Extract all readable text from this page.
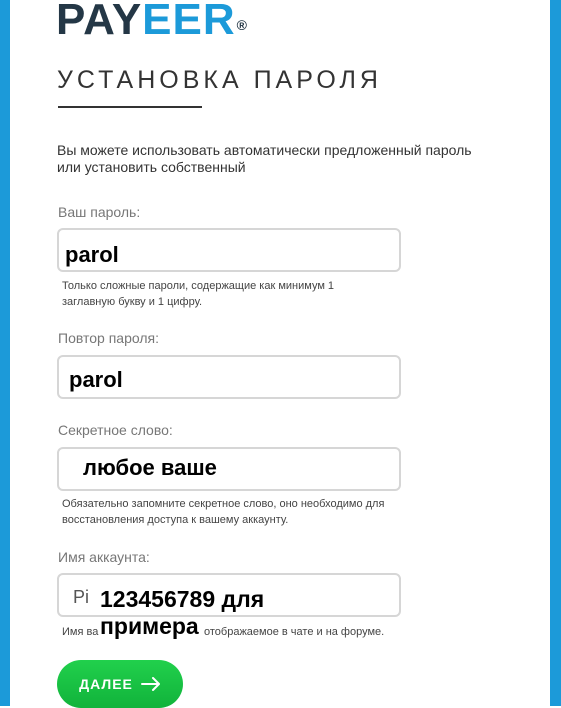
PAYEER®
УСТАНОВКА ПАРОЛЯ
Вы можете использовать автоматически предложенный пароль или установить собственный
Ваш пароль:
parol
Только сложные пароли, содержащие как минимум 1 заглавную букву и 1 цифру.
Повтор пароля:
parol
Секретное слово:
любое ваше
Обязательно запомните секретное слово, оно необходимо для восстановления доступа к вашему аккаунту.
Имя аккаунта:
Pi
Имя ва	отображаемое в чате и на форуме.
123456789 для
примера
ДАЛЕЕ
